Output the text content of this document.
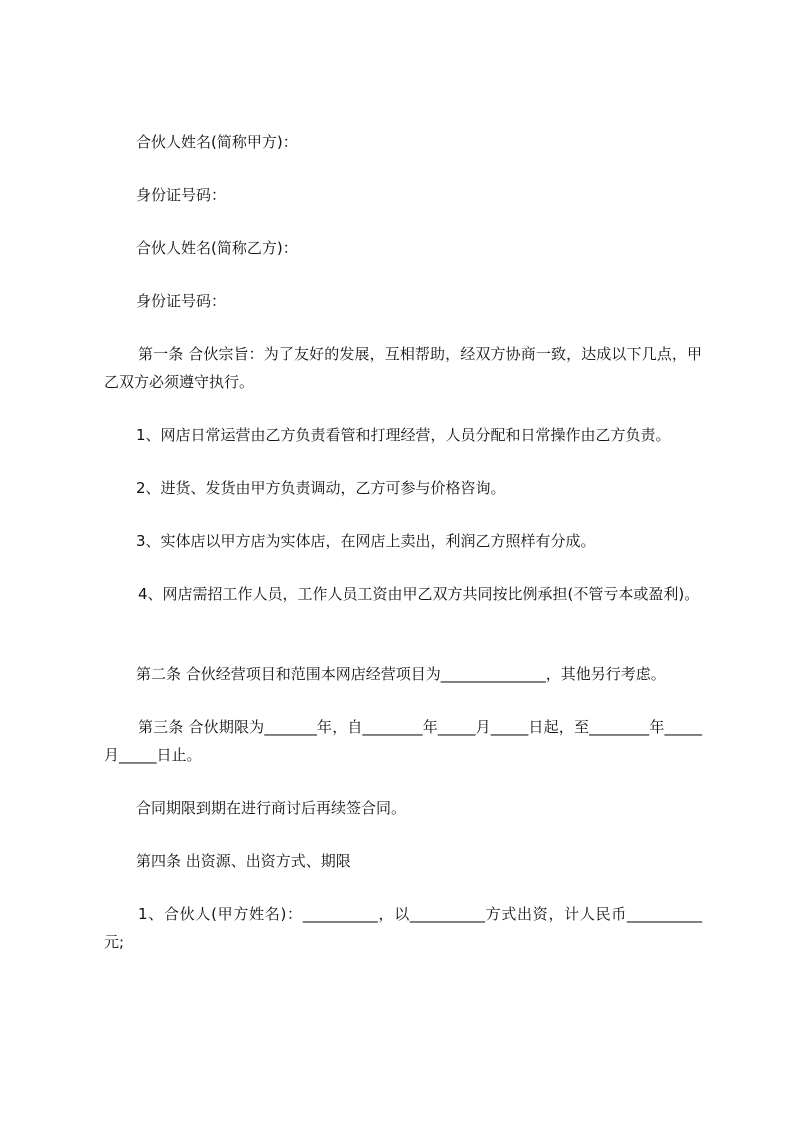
合伙人姓名(简称甲方)：

身份证号码：

合伙人姓名(简称乙方)：

身份证号码：

第一条 合伙宗旨：为了友好的发展，互相帮助，经双方协商一致，达成以下几点，甲乙双方必须遵守执行。

1、网店日常运营由乙方负责看管和打理经营，人员分配和日常操作由乙方负责。

2、进货、发货由甲方负责调动，乙方可参与价格咨询。

3、实体店以甲方店为实体店，在网店上卖出，利润乙方照样有分成。

4、网店需招工作人员，工作人员工资由甲乙双方共同按比例承担(不管亏本或盈利)。

第二条 合伙经营项目和范围本网店经营项目为______________，其他另行考虑。

第三条 合伙期限为_______年，自________年_____月_____日起，至________年_____月_____日止。

合同期限到期在进行商讨后再续签合同。

第四条 出资源、出资方式、期限

1、合伙人(甲方姓名)：__________，以__________方式出资，计人民币__________元;
